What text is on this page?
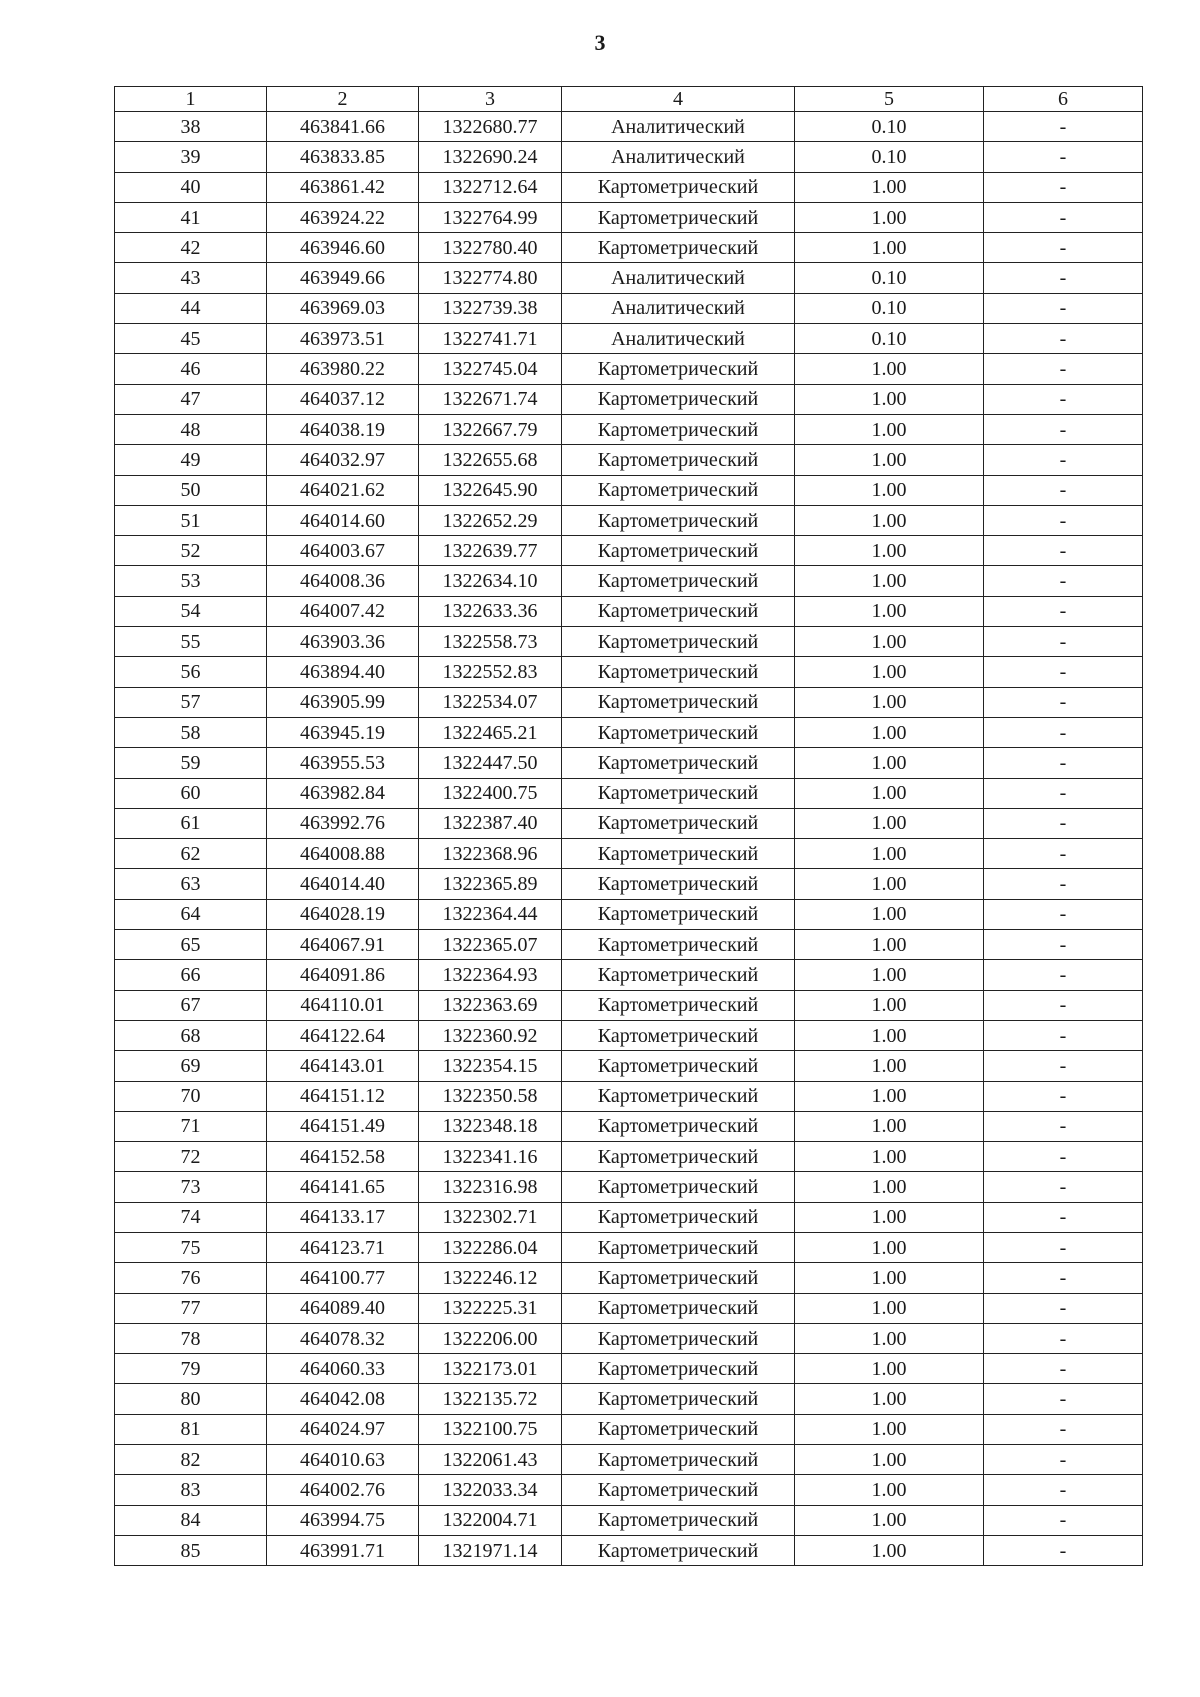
3
1	2	3	4	5	6
38	463841.66	1322680.77	Аналитический	0.10	-
39	463833.85	1322690.24	Аналитический	0.10	-
40	463861.42	1322712.64	Картометрический	1.00	-
41	463924.22	1322764.99	Картометрический	1.00	-
42	463946.60	1322780.40	Картометрический	1.00	-
43	463949.66	1322774.80	Аналитический	0.10	-
44	463969.03	1322739.38	Аналитический	0.10	-
45	463973.51	1322741.71	Аналитический	0.10	-
46	463980.22	1322745.04	Картометрический	1.00	-
47	464037.12	1322671.74	Картометрический	1.00	-
48	464038.19	1322667.79	Картометрический	1.00	-
49	464032.97	1322655.68	Картометрический	1.00	-
50	464021.62	1322645.90	Картометрический	1.00	-
51	464014.60	1322652.29	Картометрический	1.00	-
52	464003.67	1322639.77	Картометрический	1.00	-
53	464008.36	1322634.10	Картометрический	1.00	-
54	464007.42	1322633.36	Картометрический	1.00	-
55	463903.36	1322558.73	Картометрический	1.00	-
56	463894.40	1322552.83	Картометрический	1.00	-
57	463905.99	1322534.07	Картометрический	1.00	-
58	463945.19	1322465.21	Картометрический	1.00	-
59	463955.53	1322447.50	Картометрический	1.00	-
60	463982.84	1322400.75	Картометрический	1.00	-
61	463992.76	1322387.40	Картометрический	1.00	-
62	464008.88	1322368.96	Картометрический	1.00	-
63	464014.40	1322365.89	Картометрический	1.00	-
64	464028.19	1322364.44	Картометрический	1.00	-
65	464067.91	1322365.07	Картометрический	1.00	-
66	464091.86	1322364.93	Картометрический	1.00	-
67	464110.01	1322363.69	Картометрический	1.00	-
68	464122.64	1322360.92	Картометрический	1.00	-
69	464143.01	1322354.15	Картометрический	1.00	-
70	464151.12	1322350.58	Картометрический	1.00	-
71	464151.49	1322348.18	Картометрический	1.00	-
72	464152.58	1322341.16	Картометрический	1.00	-
73	464141.65	1322316.98	Картометрический	1.00	-
74	464133.17	1322302.71	Картометрический	1.00	-
75	464123.71	1322286.04	Картометрический	1.00	-
76	464100.77	1322246.12	Картометрический	1.00	-
77	464089.40	1322225.31	Картометрический	1.00	-
78	464078.32	1322206.00	Картометрический	1.00	-
79	464060.33	1322173.01	Картометрический	1.00	-
80	464042.08	1322135.72	Картометрический	1.00	-
81	464024.97	1322100.75	Картометрический	1.00	-
82	464010.63	1322061.43	Картометрический	1.00	-
83	464002.76	1322033.34	Картометрический	1.00	-
84	463994.75	1322004.71	Картометрический	1.00	-
85	463991.71	1321971.14	Картометрический	1.00	-
